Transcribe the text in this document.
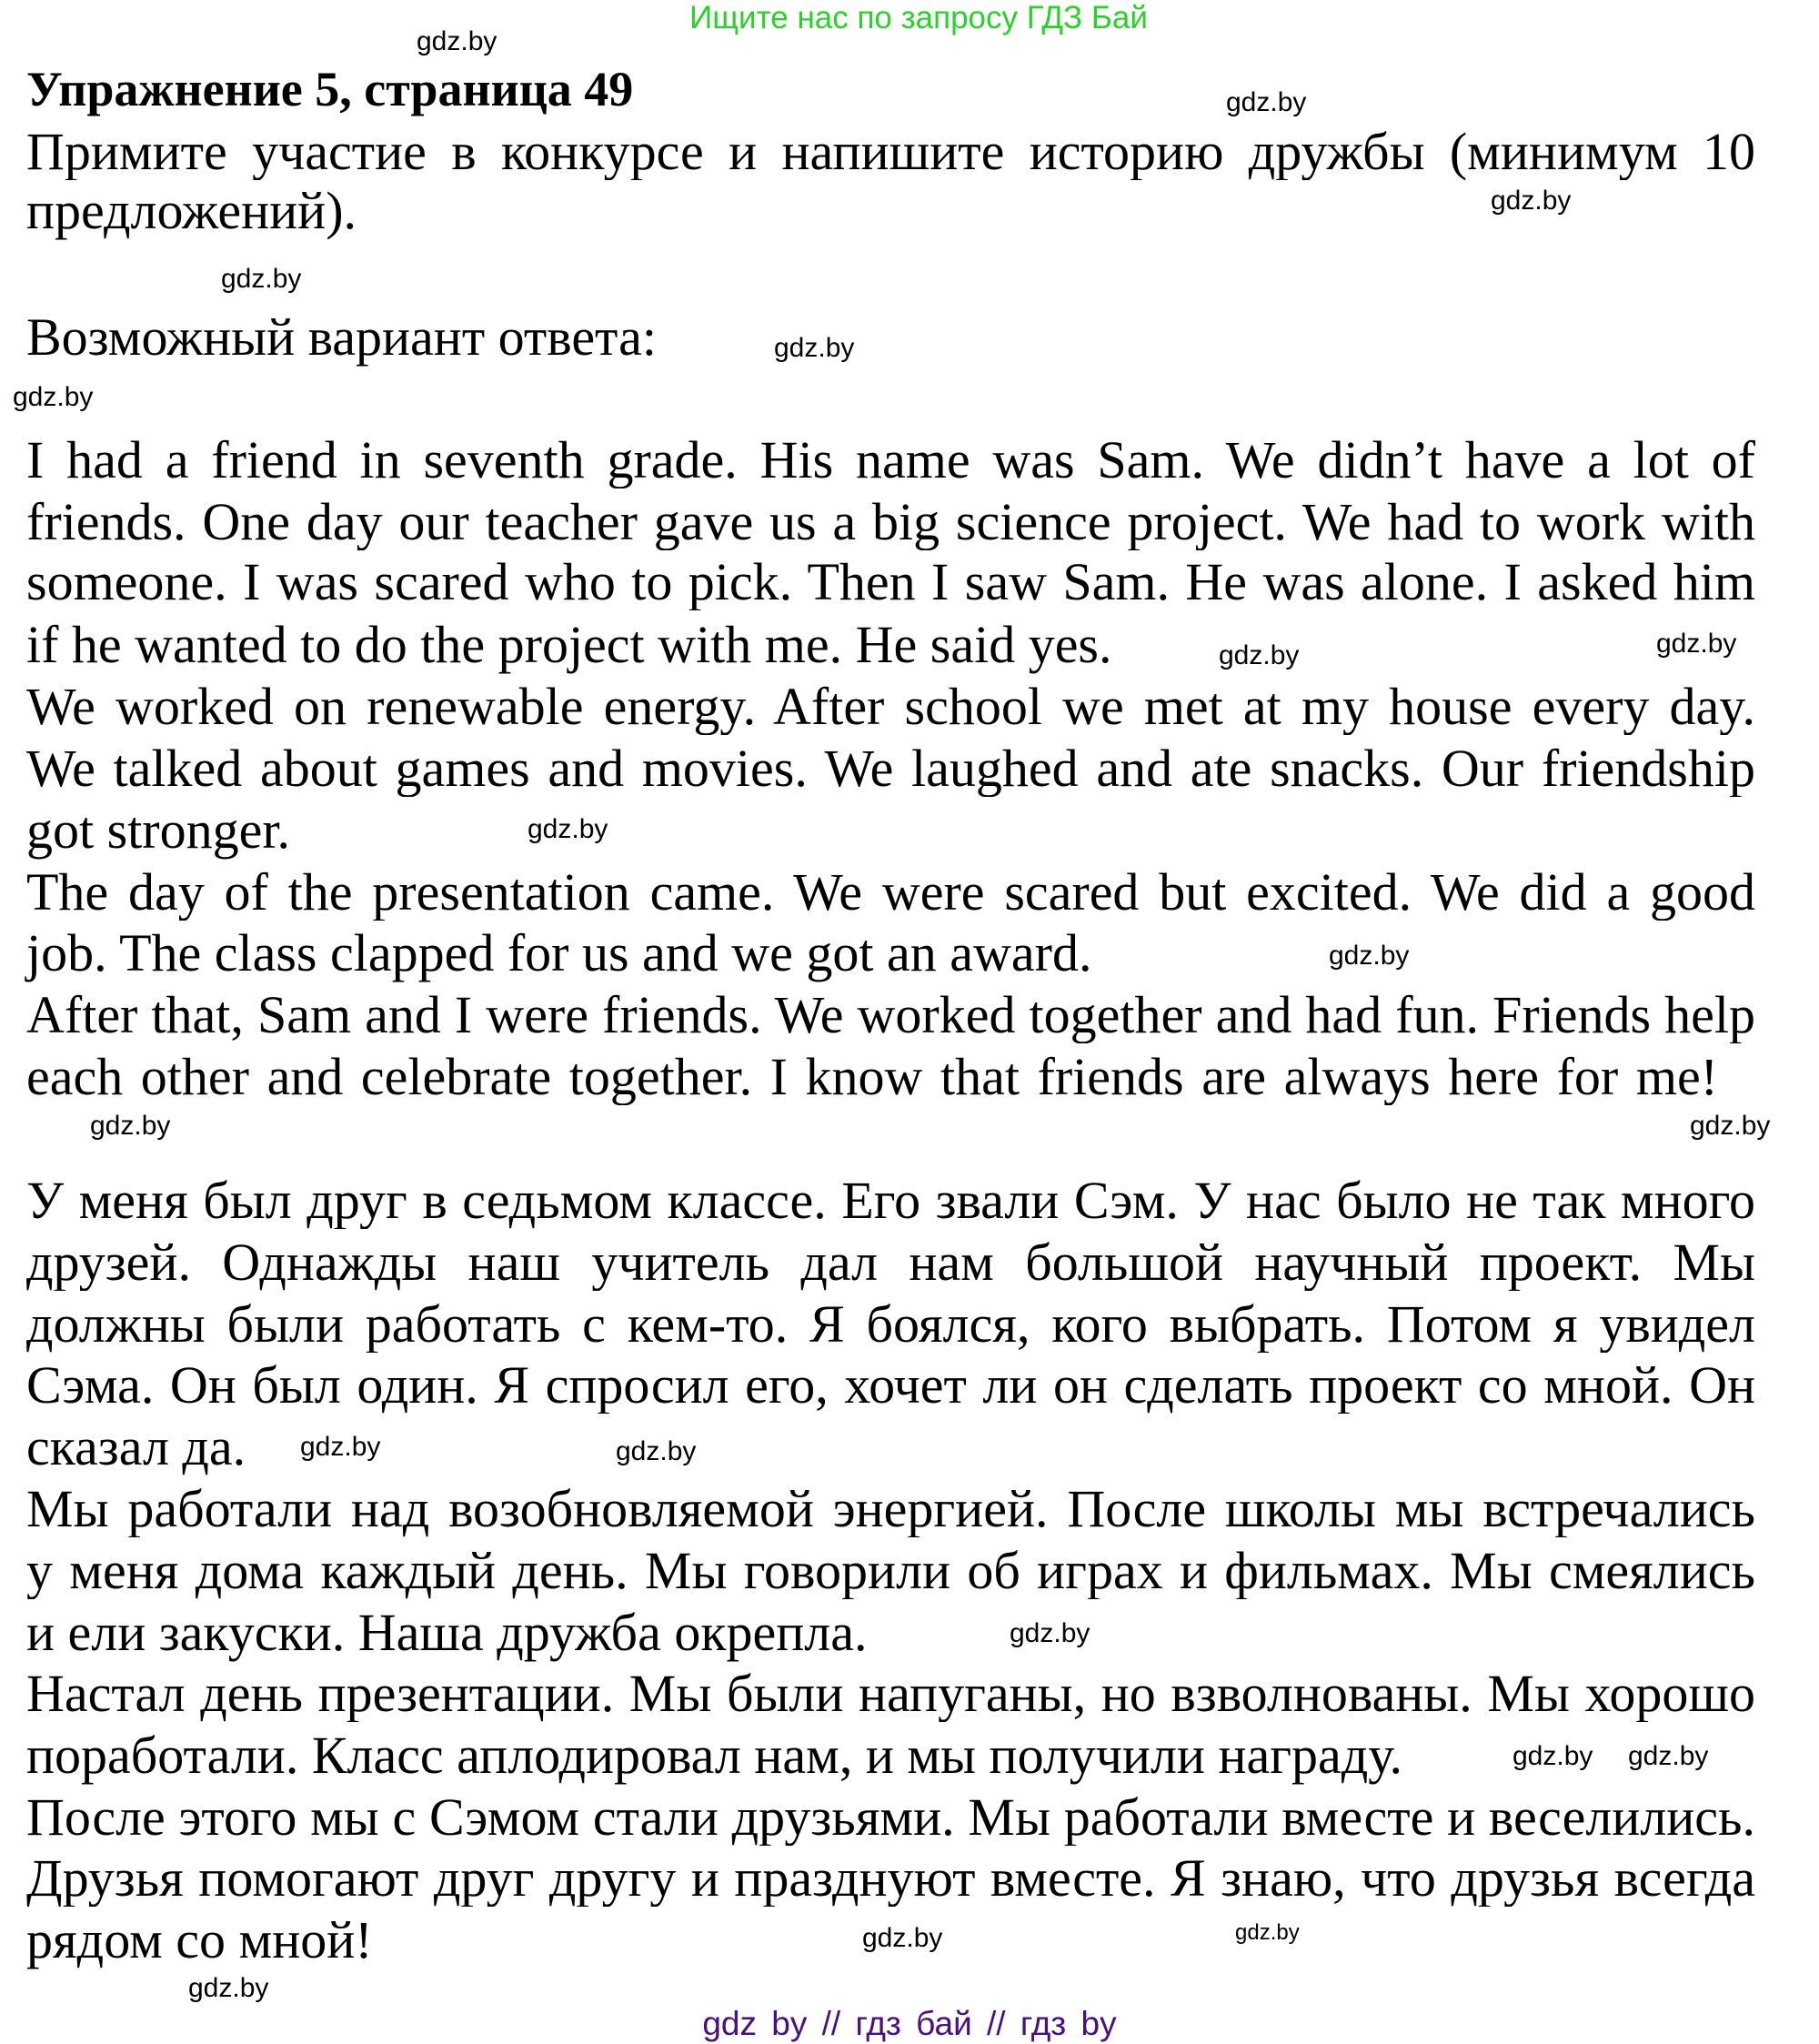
Ищите нас по запросу ГДЗ Бай
Упражнение 5, страница 49
Примите участие в конкурсе и напишите историю дружбы (минимум 10
предложений).
Возможный вариант ответа:
I had a friend in seventh grade. His name was Sam. We didn’t have a lot of
friends. One day our teacher gave us a big science project. We had to work with
someone. I was scared who to pick. Then I saw Sam. He was alone. I asked him
if he wanted to do the project with me. He said yes.
We worked on renewable energy. After school we met at my house every day.
We talked about games and movies. We laughed and ate snacks. Our friendship
got stronger.
The day of the presentation came. We were scared but excited. We did a good
job. The class clapped for us and we got an award.
After that, Sam and I were friends. We worked together and had fun. Friends help
each other and celebrate together. I know that friends are always here for me!
У меня был друг в седьмом классе. Его звали Сэм. У нас было не так много
друзей. Однажды наш учитель дал нам большой научный проект. Мы
должны были работать с кем-то. Я боялся, кого выбрать. Потом я увидел
Сэма. Он был один. Я спросил его, хочет ли он сделать проект со мной. Он
сказал да.
Мы работали над возобновляемой энергией. После школы мы встречались
у меня дома каждый день. Мы говорили об играх и фильмах. Мы смеялись
и ели закуски. Наша дружба окрепла.
Настал день презентации. Мы были напуганы, но взволнованы. Мы хорошо
поработали. Класс аплодировал нам, и мы получили награду.
После этого мы с Сэмом стали друзьями. Мы работали вместе и веселились.
Друзья помогают друг другу и празднуют вместе. Я знаю, что друзья всегда
рядом со мной!
gdz.by
gdz.by
gdz.by
gdz.by
gdz.by
gdz.by
gdz.by
gdz.by
gdz.by
gdz.by
gdz.by
gdz.by
gdz.by	gdz.by
gdz.by
gdz.by gdz.by
gdz.by
gdz.by
gdz.by
gdz by // гдз бай // гдз by
